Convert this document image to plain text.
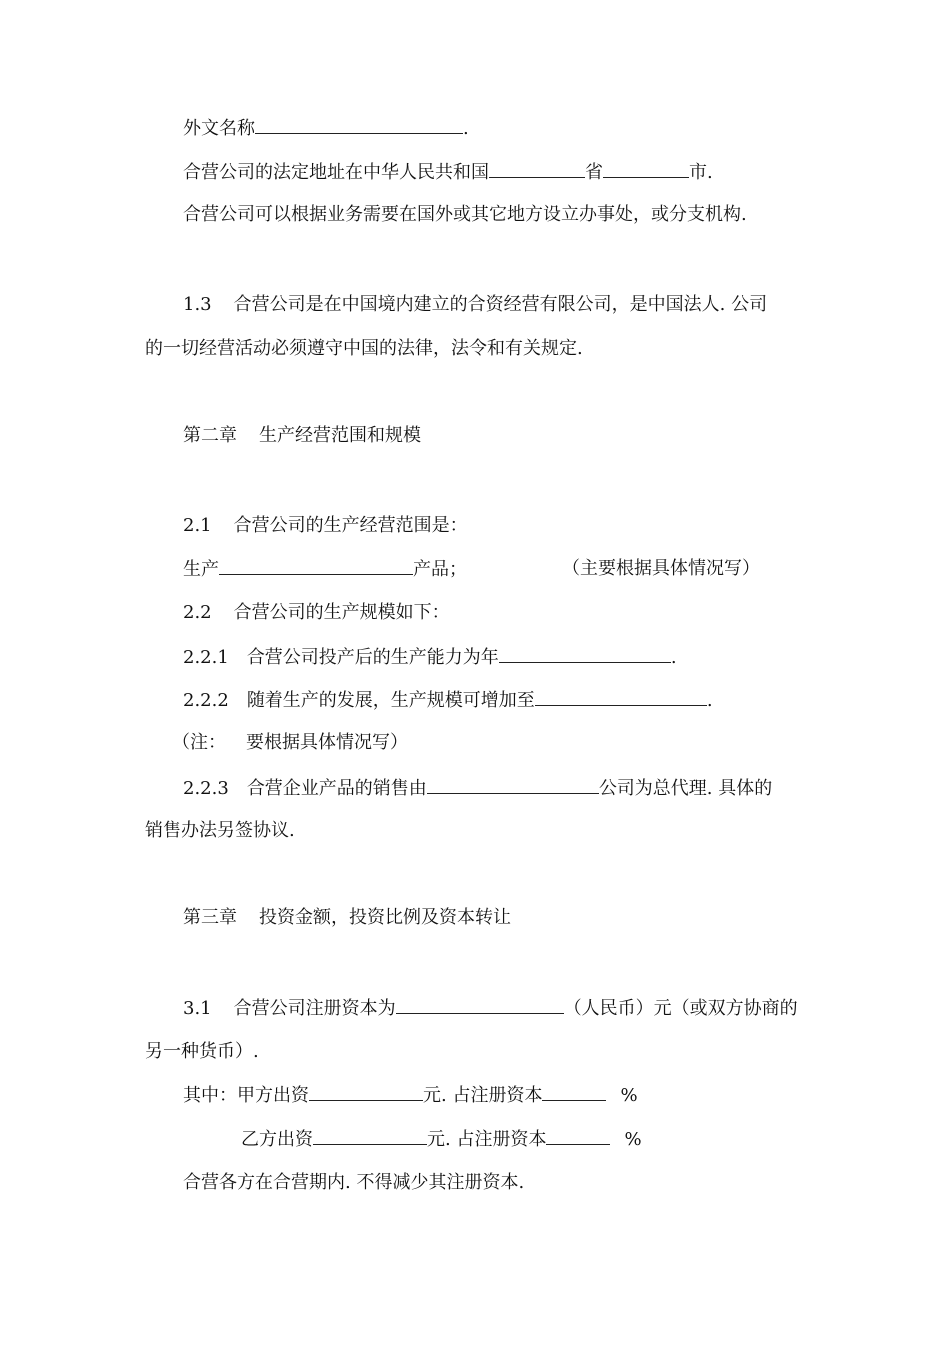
外文名称	.
合营公司的法定地址在中华人民共和国	省	市.
合营公司可以根据业务需要在国外或其它地方设立办事处，或分支机构.
1.3 合营公司是在中国境内建立的合资经营有限公司，是中国法人. 公司
的一切经营活动必须遵守中国的法律，法令和有关规定.
第二章 生产经营范围和规模
2.1 合营公司的生产经营范围是：
生产	产品；	（主要根据具体情况写）
2.2 合营公司的生产规模如下：
2.2.1 合营公司投产后的生产能力为年	.
2.2.2 随着生产的发展，生产规模可增加至	.
（注： 要根据具体情况写）
2.2.3 合营企业产品的销售由	公司为总代理. 具体的
销售办法另签协议.
第三章 投资金额，投资比例及资本转让
3.1 合营公司注册资本为	（人民币）元（或双方协商的
另一种货币）.
其中：甲方出资	元. 占注册资本	%
乙方出资	元. 占注册资本	%
合营各方在合营期内. 不得减少其注册资本.
